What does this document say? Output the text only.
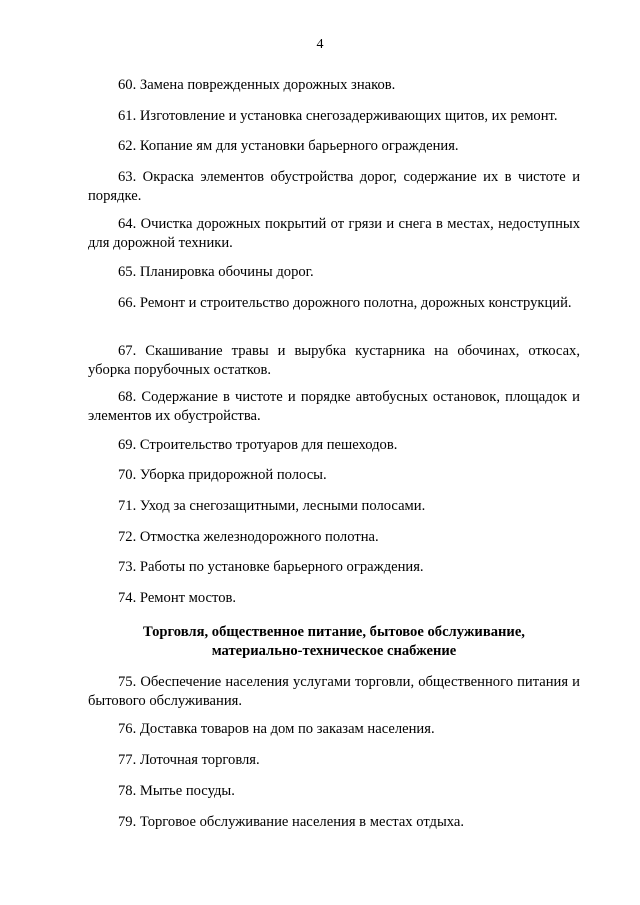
4

60. Замена поврежденных дорожных знаков.

61. Изготовление и установка снегозадерживающих щитов, их ремонт.

62. Копание ям для установки барьерного ограждения.

63. Окраска элементов обустройства дорог, содержание их в чистоте и порядке.

64. Очистка дорожных покрытий от грязи и снега в местах, недоступных для дорожной техники.

65. Планировка обочины дорог.

66. Ремонт и строительство дорожного полотна, дорожных конструкций.

67. Скашивание травы и вырубка кустарника на обочинах, откосах, уборка порубочных остатков.

68. Содержание в чистоте и порядке автобусных остановок, площадок и элементов их обустройства.

69. Строительство тротуаров для пешеходов.

70. Уборка придорожной полосы.

71. Уход за снегозащитными, лесными полосами.

72. Отмостка железнодорожного полотна.

73. Работы по установке барьерного ограждения.

74. Ремонт мостов.

Торговля, общественное питание, бытовое обслуживание,
материально-техническое снабжение

75. Обеспечение населения услугами торговли, общественного питания и бытового обслуживания.

76. Доставка товаров на дом по заказам населения.

77. Лоточная торговля.

78. Мытье посуды.

79. Торговое обслуживание населения в местах отдыха.
